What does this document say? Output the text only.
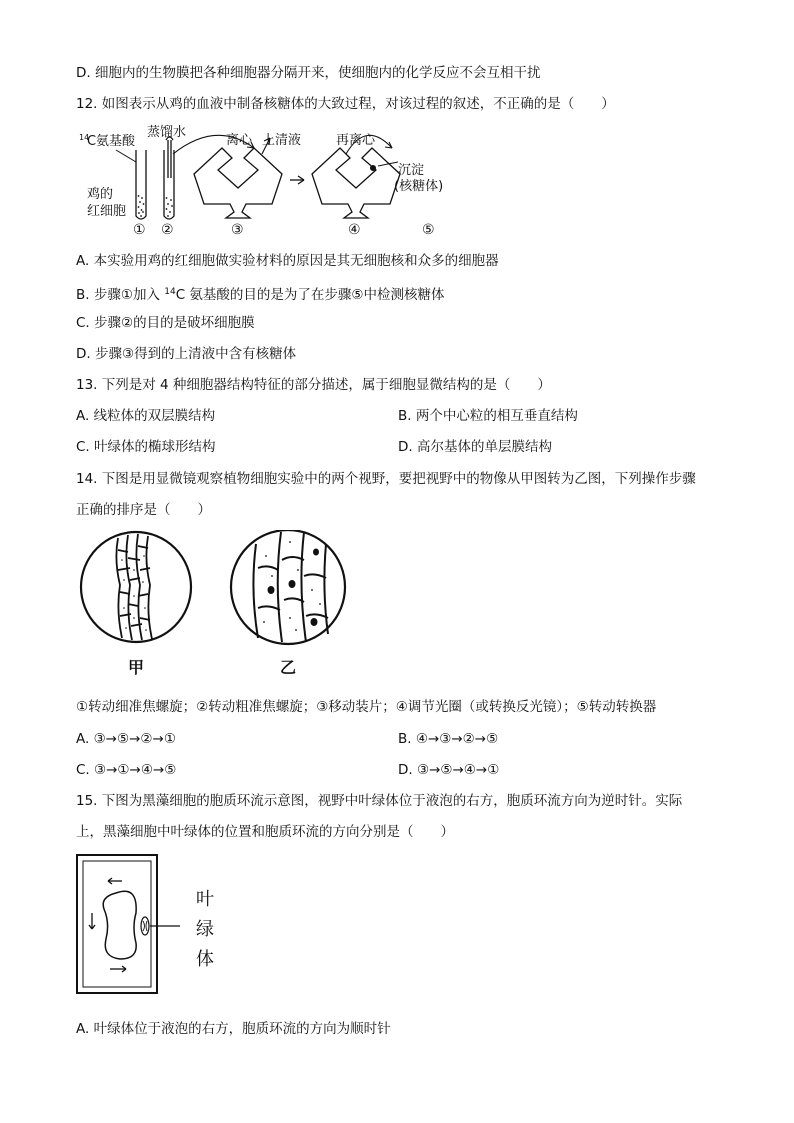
D. 细胞内的生物膜把各种细胞器分隔开来，使细胞内的化学反应不会互相干扰
12. 如图表示从鸡的血液中制备核糖体的大致过程，对该过程的叙述，不正确的是（　　）
14
C 氨基酸
蒸馏水
离心 上清液	再离心
沉淀
(核糖体)
鸡的
红细胞
① ②	③	④	⑤
A. 本实验用鸡的红细胞做实验材料的原因是其无细胞核和众多的细胞器
B. 步骤①加入 $^{14}$C 氨基酸的目的是为了在步骤⑤中检测核糖体
C. 步骤②的目的是破坏细胞膜
D. 步骤③得到的上清液中含有核糖体
13. 下列是对 4 种细胞器结构特征的部分描述，属于细胞显微结构的是（　　）
A. 线粒体的双层膜结构	B. 两个中心粒的相互垂直结构
C. 叶绿体的椭球形结构	D. 高尔基体的单层膜结构
14. 下图是用显微镜观察植物细胞实验中的两个视野，要把视野中的物像从甲图转为乙图，下列操作步骤
正确的排序是（　　）
甲	乙
①转动细准焦螺旋；②转动粗准焦螺旋；③移动装片；④调节光圈（或转换反光镜）；⑤转动转换器
A. ③→⑤→②→①	B. ④→③→②→⑤
C. ③→①→④→⑤	D. ③→⑤→④→①
15. 下图为黑藻细胞的胞质环流示意图，视野中叶绿体位于液泡的右方，胞质环流方向为逆时针。实际
上，黑藻细胞中叶绿体的位置和胞质环流的方向分别是（　　）
叶
绿
体
A. 叶绿体位于液泡的右方，胞质环流的方向为顺时针
